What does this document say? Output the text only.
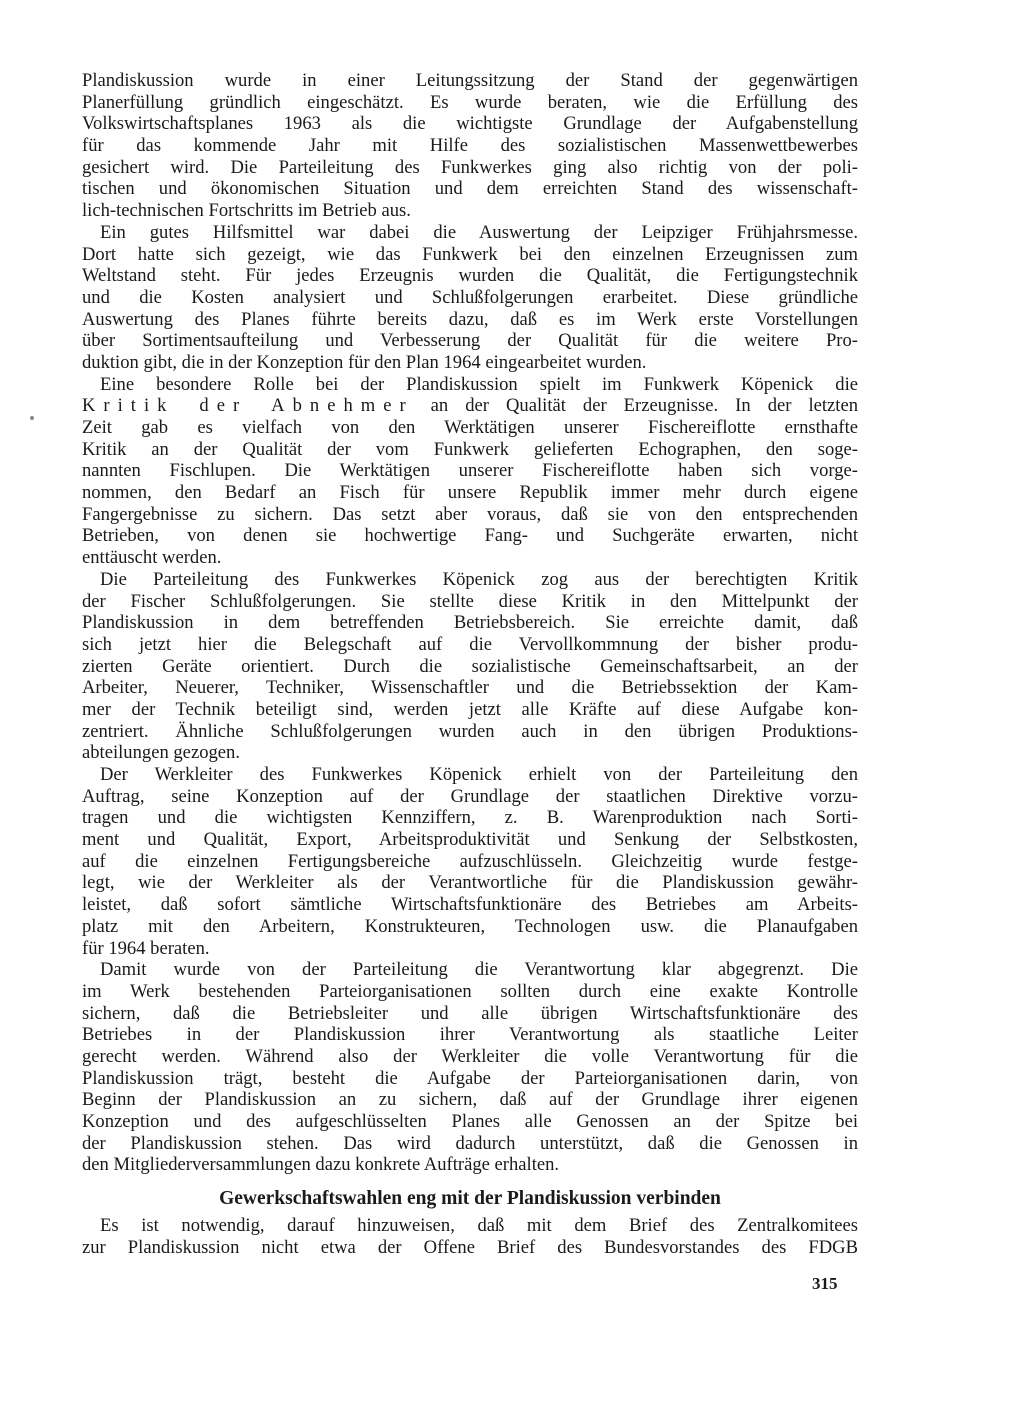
Plandiskussion wurde in einer Leitungssitzung der Stand der gegenwärtigen
Planerfüllung gründlich eingeschätzt. Es wurde beraten, wie die Erfüllung des
Volkswirtschaftsplanes 1963 als die wichtigste Grundlage der Aufgabenstellung
für das kommende Jahr mit Hilfe des sozialistischen Massenwettbewerbes
gesichert wird. Die Parteileitung des Funkwerkes ging also richtig von der poli-
tischen und ökonomischen Situation und dem erreichten Stand des wissenschaft-
lich-technischen Fortschritts im Betrieb aus.
Ein gutes Hilfsmittel war dabei die Auswertung der Leipziger Frühjahrsmesse.
Dort hatte sich gezeigt, wie das Funkwerk bei den einzelnen Erzeugnissen zum
Weltstand steht. Für jedes Erzeugnis wurden die Qualität, die Fertigungstechnik
und die Kosten analysiert und Schlußfolgerungen erarbeitet. Diese gründliche
Auswertung des Planes führte bereits dazu, daß es im Werk erste Vorstellungen
über Sortimentsaufteilung und Verbesserung der Qualität für die weitere Pro-
duktion gibt, die in der Konzeption für den Plan 1964 eingearbeitet wurden.
Eine besondere Rolle bei der Plandiskussion spielt im Funkwerk Köpenick die
Kritik der Abnehmer an der Qualität der Erzeugnisse. In der letzten
Zeit gab es vielfach von den Werktätigen unserer Fischereiflotte ernsthafte
Kritik an der Qualität der vom Funkwerk gelieferten Echographen, den soge-
nannten Fischlupen. Die Werktätigen unserer Fischereiflotte haben sich vorge-
nommen, den Bedarf an Fisch für unsere Republik immer mehr durch eigene
Fangergebnisse zu sichern. Das setzt aber voraus, daß sie von den entsprechenden
Betrieben, von denen sie hochwertige Fang- und Suchgeräte erwarten, nicht
enttäuscht werden.
Die Parteileitung des Funkwerkes Köpenick zog aus der berechtigten Kritik
der Fischer Schlußfolgerungen. Sie stellte diese Kritik in den Mittelpunkt der
Plandiskussion in dem betreffenden Betriebsbereich. Sie erreichte damit, daß
sich jetzt hier die Belegschaft auf die Vervollkommnung der bisher produ-
zierten Geräte orientiert. Durch die sozialistische Gemeinschaftsarbeit, an der
Arbeiter, Neuerer, Techniker, Wissenschaftler und die Betriebssektion der Kam-
mer der Technik beteiligt sind, werden jetzt alle Kräfte auf diese Aufgabe kon-
zentriert. Ähnliche Schlußfolgerungen wurden auch in den übrigen Produktions-
abteilungen gezogen.
Der Werkleiter des Funkwerkes Köpenick erhielt von der Parteileitung den
Auftrag, seine Konzeption auf der Grundlage der staatlichen Direktive vorzu-
tragen und die wichtigsten Kennziffern, z. B. Warenproduktion nach Sorti-
ment und Qualität, Export, Arbeitsproduktivität und Senkung der Selbstkosten,
auf die einzelnen Fertigungsbereiche aufzuschlüsseln. Gleichzeitig wurde festge-
legt, wie der Werkleiter als der Verantwortliche für die Plandiskussion gewähr-
leistet, daß sofort sämtliche Wirtschaftsfunktionäre des Betriebes am Arbeits-
platz mit den Arbeitern, Konstrukteuren, Technologen usw. die Planaufgaben
für 1964 beraten.
Damit wurde von der Parteileitung die Verantwortung klar abgegrenzt. Die
im Werk bestehenden Parteiorganisationen sollten durch eine exakte Kontrolle
sichern, daß die Betriebsleiter und alle übrigen Wirtschaftsfunktionäre des
Betriebes in der Plandiskussion ihrer Verantwortung als staatliche Leiter
gerecht werden. Während also der Werkleiter die volle Verantwortung für die
Plandiskussion trägt, besteht die Aufgabe der Parteiorganisationen darin, von
Beginn der Plandiskussion an zu sichern, daß auf der Grundlage ihrer eigenen
Konzeption und des aufgeschlüsselten Planes alle Genossen an der Spitze bei
der Plandiskussion stehen. Das wird dadurch unterstützt, daß die Genossen in
den Mitgliederversammlungen dazu konkrete Aufträge erhalten.
Gewerkschaftswahlen eng mit der Plandiskussion verbinden
Es ist notwendig, darauf hinzuweisen, daß mit dem Brief des Zentralkomitees
zur Plandiskussion nicht etwa der Offene Brief des Bundesvorstandes des FDGB
315
